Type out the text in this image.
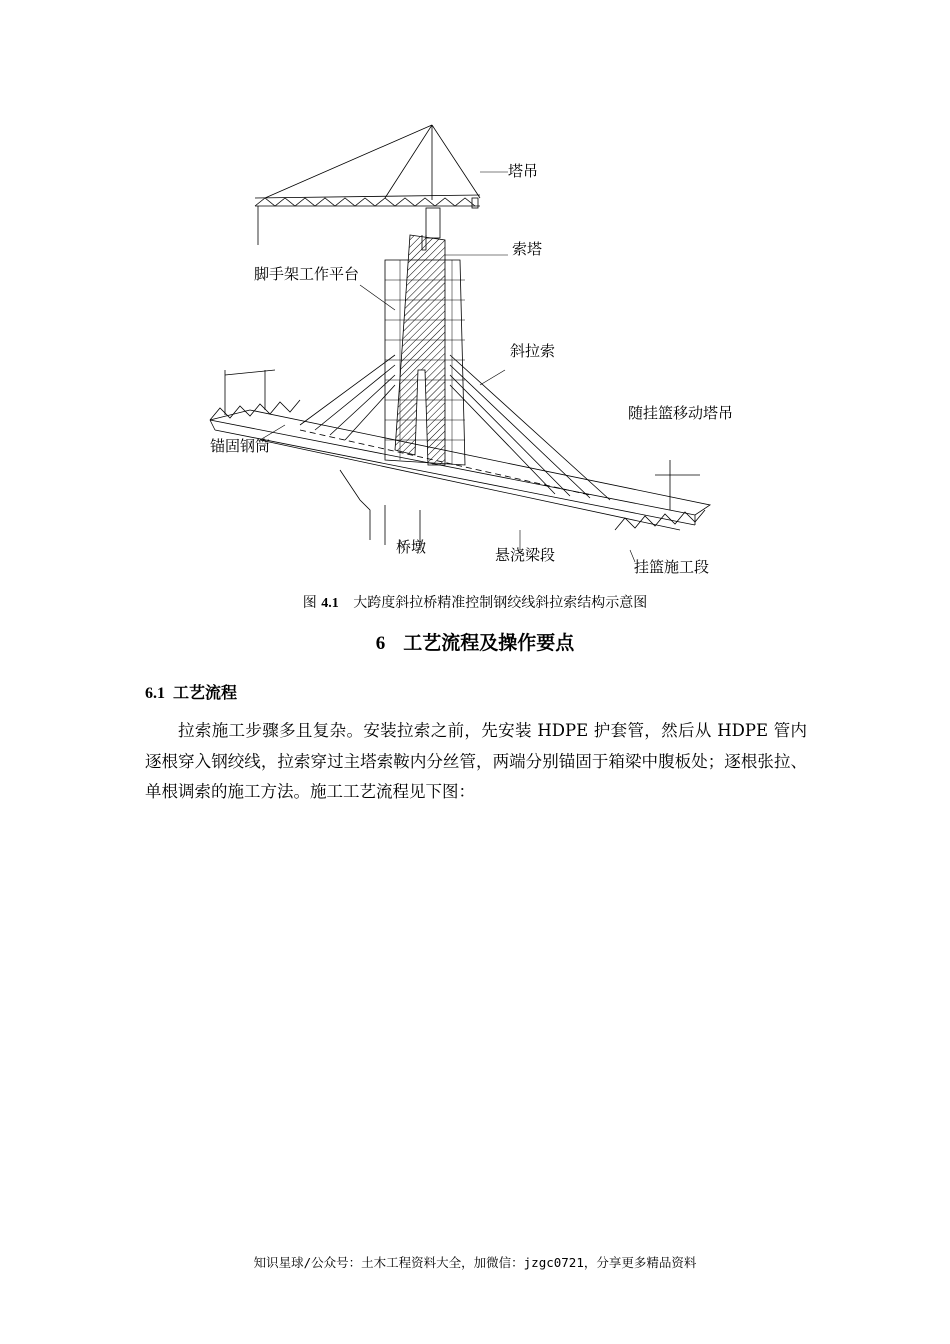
塔吊
索塔
脚手架工作平台
斜拉索
随挂篮移动塔吊
锚固钢筒
桥墩	悬浇梁段
挂篮施工段
图 4.1 大跨度斜拉桥精准控制钢绞线斜拉索结构示意图
6 工艺流程及操作要点
6.1 工艺流程

拉索施工步骤多且复杂。安装拉索之前，先安装 HDPE 护套管，然后从 HDPE 管内逐根穿入钢绞线，拉索穿过主塔索鞍内分丝管，两端分别锚固于箱梁中腹板处；逐根张拉、单根调索的施工方法。施工工艺流程见下图：

知识星球/公众号：土木工程资料大全，加微信：jzgc0721，分享更多精品资料
